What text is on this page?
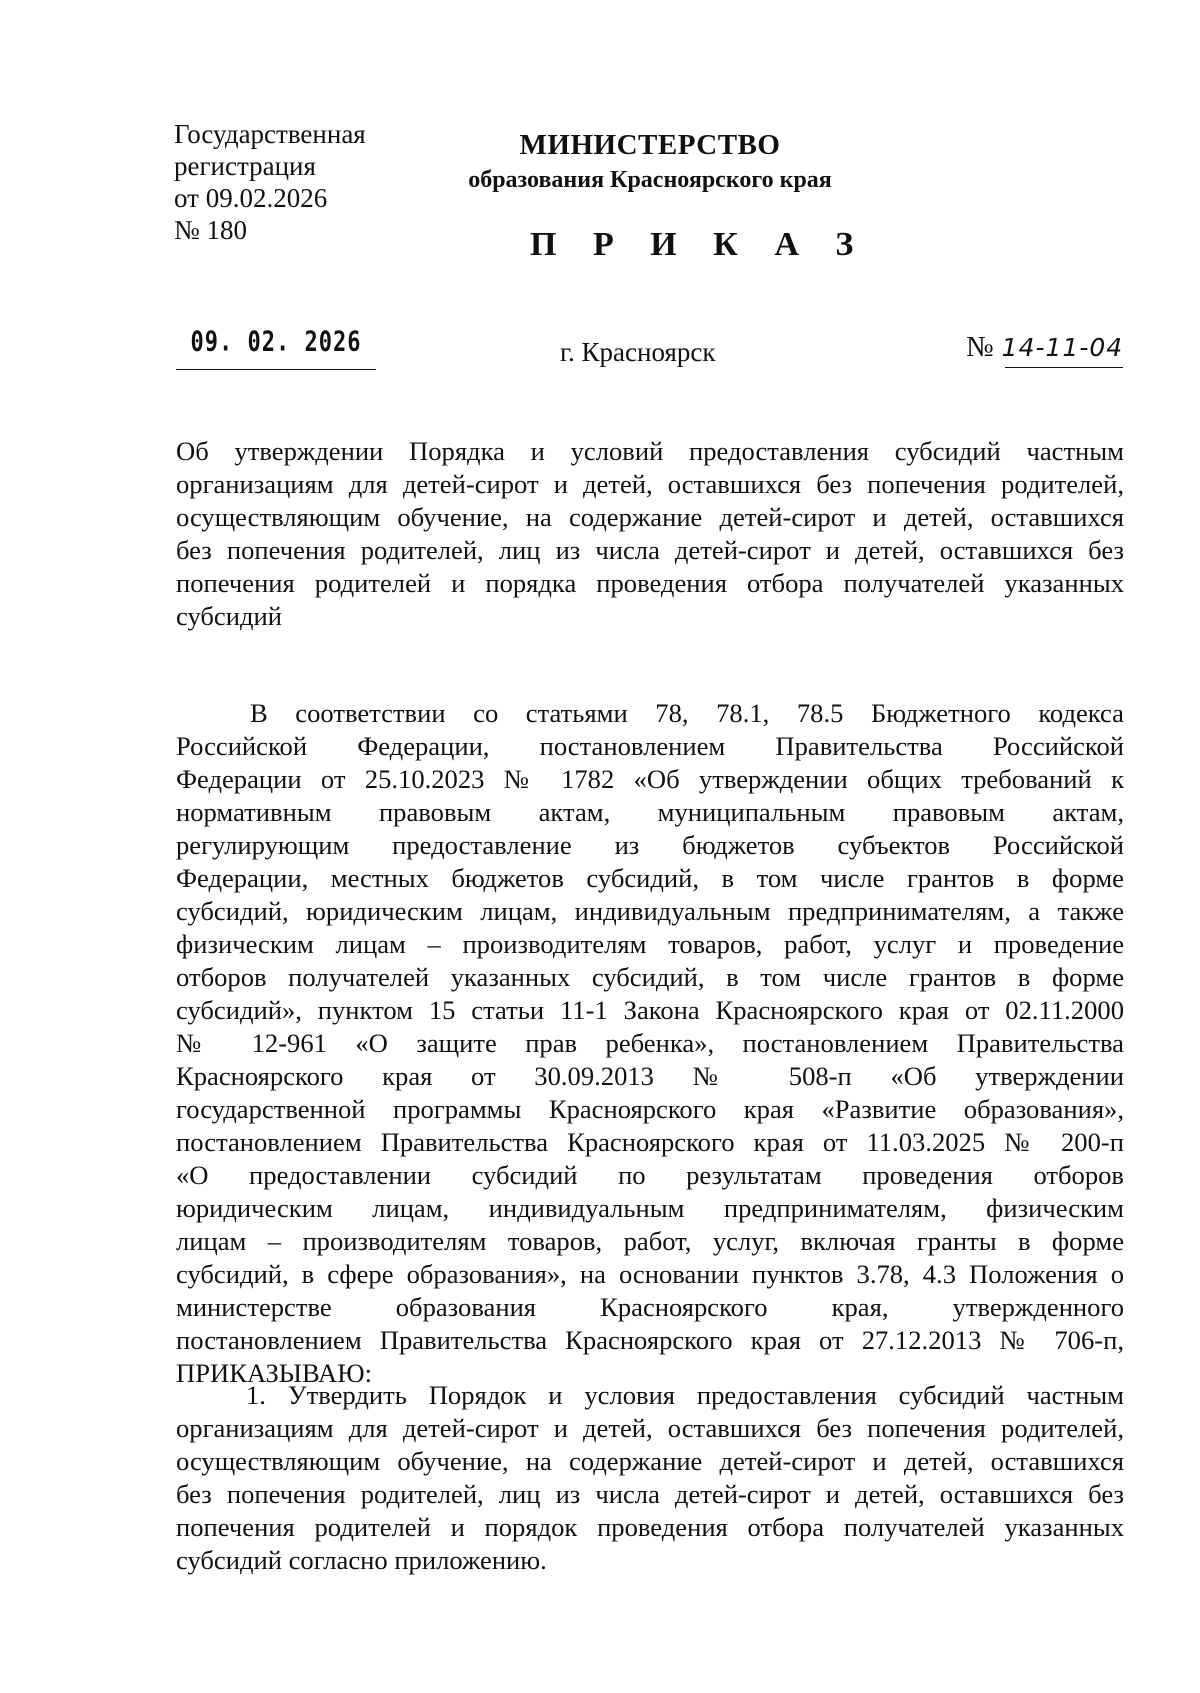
Государственная
регистрация
от 09.02.2026
№ 180
МИНИСТЕРСТВО
образования Красноярского края
П Р И К А З
09. 02. 2026	г. Красноярск	№ 14-11-04
Об утверждении Порядка и условий предоставления субсидий частным
организациям для детей-сирот и детей, оставшихся без попечения родителей,
осуществляющим обучение, на содержание детей-сирот и детей, оставшихся
без попечения родителей, лиц из числа детей-сирот и детей, оставшихся без
попечения родителей и порядка проведения отбора получателей указанных
субсидий
В соответствии со статьями 78, 78.1, 78.5 Бюджетного кодекса
Российской Федерации, постановлением Правительства Российской
Федерации от 25.10.2023 № 1782 «Об утверждении общих требований к
нормативным правовым актам, муниципальным правовым актам,
регулирующим предоставление из бюджетов субъектов Российской
Федерации, местных бюджетов субсидий, в том числе грантов в форме
субсидий, юридическим лицам, индивидуальным предпринимателям, а также
физическим лицам – производителям товаров, работ, услуг и проведение
отборов получателей указанных субсидий, в том числе грантов в форме
субсидий», пунктом 15 статьи 11-1 Закона Красноярского края от 02.11.2000
№ 12-961 «О защите прав ребенка», постановлением Правительства
Красноярского края от 30.09.2013 № 508-п «Об утверждении
государственной программы Красноярского края «Развитие образования»,
постановлением Правительства Красноярского края от 11.03.2025 № 200-п
«О предоставлении субсидий по результатам проведения отборов
юридическим лицам, индивидуальным предпринимателям, физическим
лицам – производителям товаров, работ, услуг, включая гранты в форме
субсидий, в сфере образования», на основании пунктов 3.78, 4.3 Положения о
министерстве образования Красноярского края, утвержденного
постановлением Правительства Красноярского края от 27.12.2013 № 706-п,
ПРИКАЗЫВАЮ:
1. Утвердить Порядок и условия предоставления субсидий частным
организациям для детей-сирот и детей, оставшихся без попечения родителей,
осуществляющим обучение, на содержание детей-сирот и детей, оставшихся
без попечения родителей, лиц из числа детей-сирот и детей, оставшихся без
попечения родителей и порядок проведения отбора получателей указанных
субсидий согласно приложению.
